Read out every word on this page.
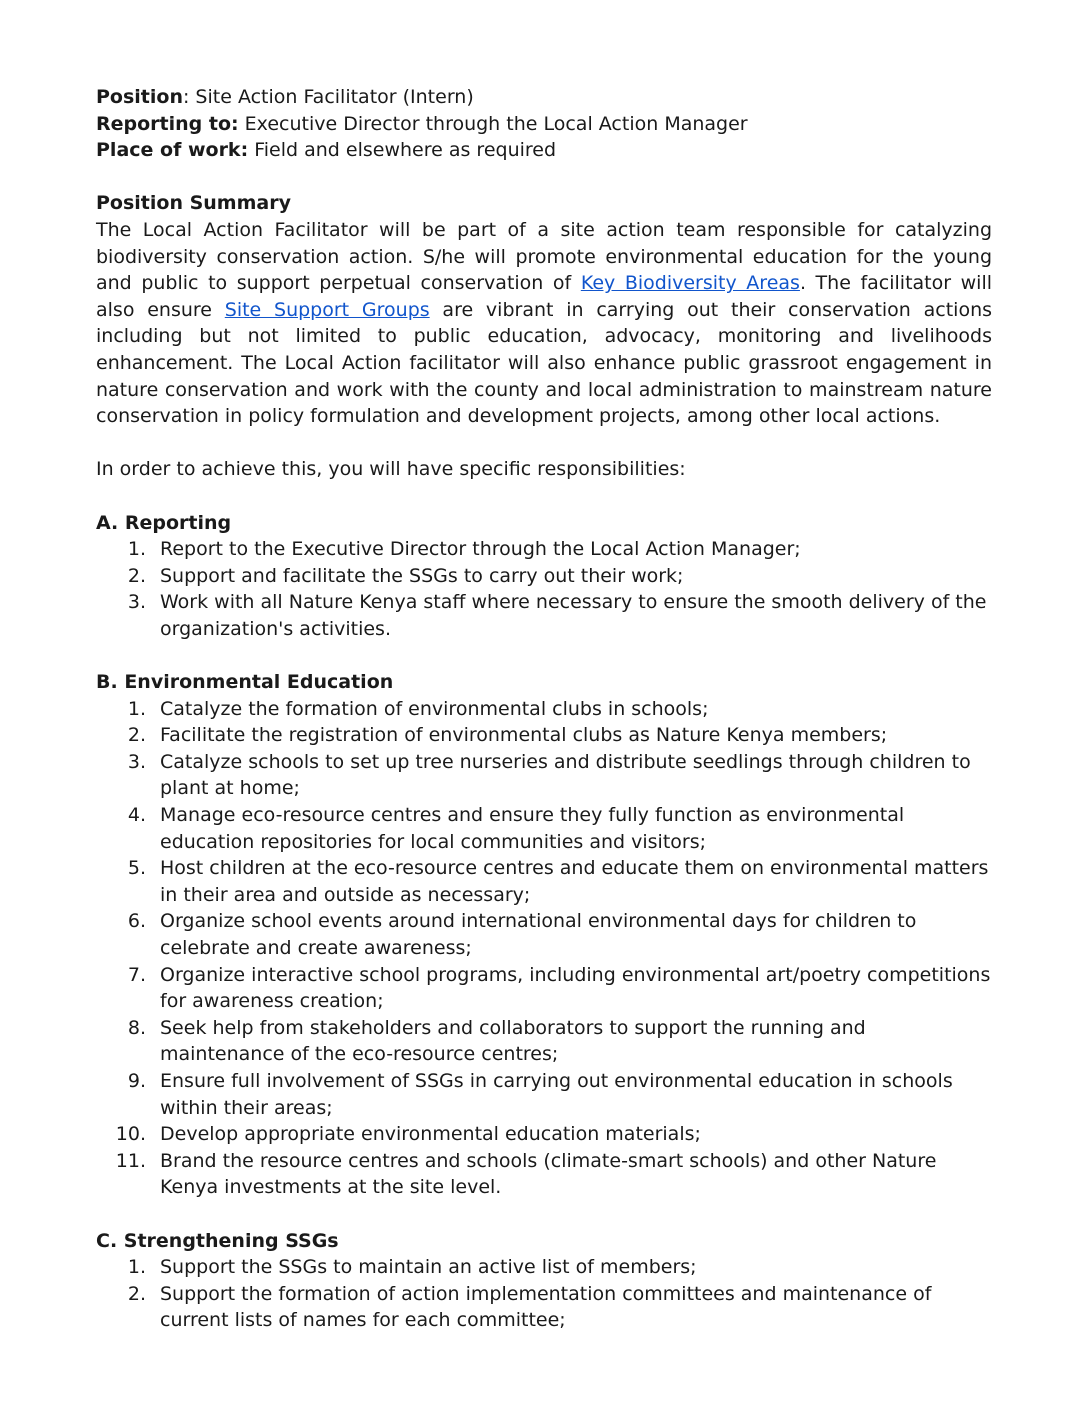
Position: Site Action Facilitator (Intern)

Reporting to: Executive Director through the Local Action Manager

Place of work: Field and elsewhere as required

Position Summary

The Local Action Facilitator will be part of a site action team responsible for catalyzing biodiversity conservation action. S/he will promote environmental education for the young and public to support perpetual conservation of Key Biodiversity Areas. The facilitator will also ensure Site Support Groups are vibrant in carrying out their conservation actions including but not limited to public education, advocacy, monitoring and livelihoods enhancement. The Local Action facilitator will also enhance public grassroot engagement in nature conservation and work with the county and local administration to mainstream nature conservation in policy formulation and development projects, among other local actions.

In order to achieve this, you will have specific responsibilities:

A. Reporting

1. Report to the Executive Director through the Local Action Manager;
2. Support and facilitate the SSGs to carry out their work;
3. Work with all Nature Kenya staff where necessary to ensure the smooth delivery of the organization's activities.

B. Environmental Education

1. Catalyze the formation of environmental clubs in schools;
2. Facilitate the registration of environmental clubs as Nature Kenya members;
3. Catalyze schools to set up tree nurseries and distribute seedlings through children to plant at home;
4. Manage eco-resource centres and ensure they fully function as environmental education repositories for local communities and visitors;
5. Host children at the eco-resource centres and educate them on environmental matters in their area and outside as necessary;
6. Organize school events around international environmental days for children to celebrate and create awareness;
7. Organize interactive school programs, including environmental art/poetry competitions for awareness creation;
8. Seek help from stakeholders and collaborators to support the running and maintenance of the eco-resource centres;
9. Ensure full involvement of SSGs in carrying out environmental education in schools within their areas;
10. Develop appropriate environmental education materials;
11. Brand the resource centres and schools (climate-smart schools) and other Nature Kenya investments at the site level.

C. Strengthening SSGs

1. Support the SSGs to maintain an active list of members;
2. Support the formation of action implementation committees and maintenance of current lists of names for each committee;
